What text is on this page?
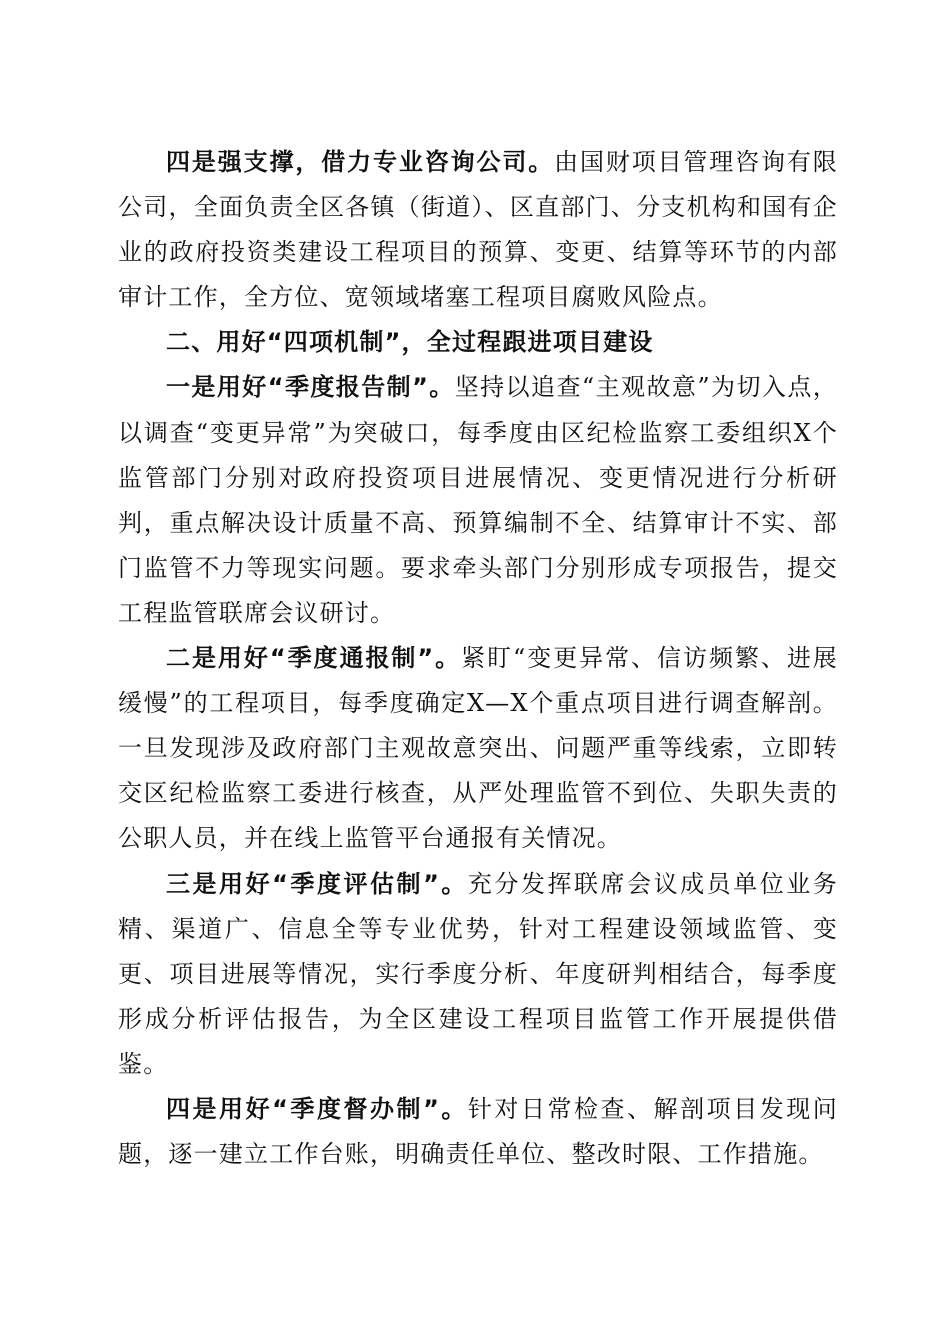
四是强支撑，借力专业咨询公司。由国财项目管理咨询有限公司，全面负责全区各镇（街道）、区直部门、分支机构和国有企业的政府投资类建设工程项目的预算、变更、结算等环节的内部审计工作，全方位、宽领域堵塞工程项目腐败风险点。

二、用好“四项机制”，全过程跟进项目建设

一是用好“季度报告制”。坚持以追查“主观故意”为切入点，以调查“变更异常”为突破口，每季度由区纪检监察工委组织X个监管部门分别对政府投资项目进展情况、变更情况进行分析研判，重点解决设计质量不高、预算编制不全、结算审计不实、部门监管不力等现实问题。要求牵头部门分别形成专项报告，提交工程监管联席会议研讨。

二是用好“季度通报制”。紧盯“变更异常、信访频繁、进展缓慢”的工程项目，每季度确定X—X个重点项目进行调查解剖。一旦发现涉及政府部门主观故意突出、问题严重等线索，立即转交区纪检监察工委进行核查，从严处理监管不到位、失职失责的公职人员，并在线上监管平台通报有关情况。

三是用好“季度评估制”。充分发挥联席会议成员单位业务精、渠道广、信息全等专业优势，针对工程建设领域监管、变更、项目进展等情况，实行季度分析、年度研判相结合，每季度形成分析评估报告，为全区建设工程项目监管工作开展提供借鉴。

四是用好“季度督办制”。针对日常检查、解剖项目发现问题，逐一建立工作台账，明确责任单位、整改时限、工作措施。
